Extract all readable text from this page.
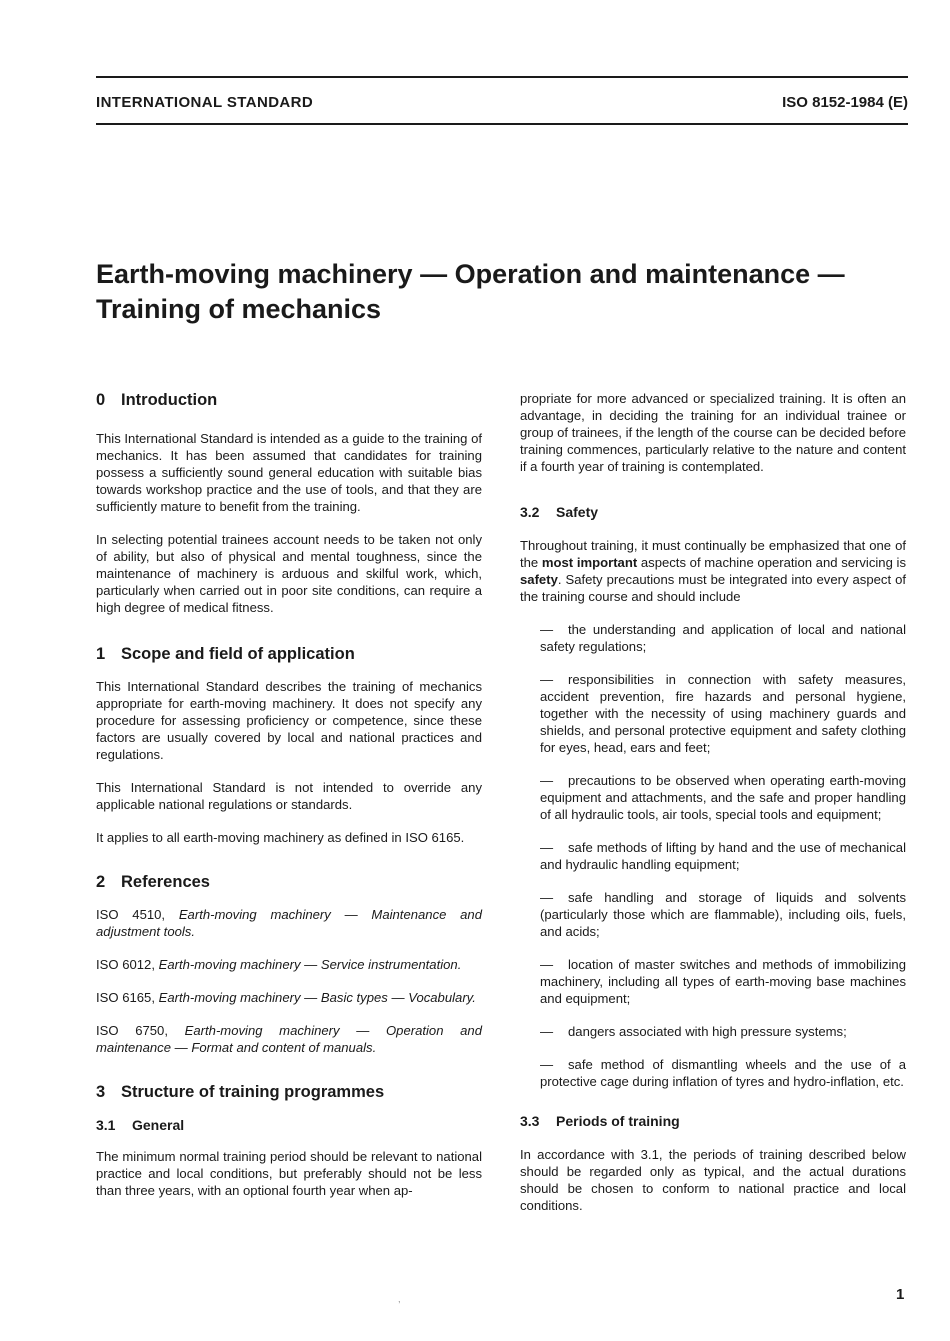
INTERNATIONAL STANDARD	ISO 8152-1984 (E)
Earth-moving machinery — Operation and maintenance —
Training of mechanics
0 Introduction

This International Standard is intended as a guide to the training of mechanics. It has been assumed that candidates for training possess a sufficiently sound general education with suitable bias towards workshop practice and the use of tools, and that they are sufficiently mature to benefit from the training.

In selecting potential trainees account needs to be taken not only of ability, but also of physical and mental toughness, since the maintenance of machinery is arduous and skilful work, which, particularly when carried out in poor site conditions, can require a high degree of medical fitness.

1 Scope and field of application

This International Standard describes the training of mechanics appropriate for earth-moving machinery. It does not specify any procedure for assessing proficiency or competence, since these factors are usually covered by local and national practices and regulations.

This International Standard is not intended to override any applicable national regulations or standards.

It applies to all earth-moving machinery as defined in ISO 6165.

2 References

ISO 4510, Earth-moving machinery — Maintenance and adjustment tools.

ISO 6012, Earth-moving machinery — Service instrumentation.

ISO 6165, Earth-moving machinery — Basic types — Vocabulary.

ISO 6750, Earth-moving machinery — Operation and maintenance — Format and content of manuals.

3 Structure of training programmes
3.1 General

The minimum normal training period should be relevant to national practice and local conditions, but preferably should not be less than three years, with an optional fourth year when ap-

propriate for more advanced or specialized training. It is often an advantage, in deciding the training for an individual trainee or group of trainees, if the length of the course can be decided before training commences, particularly relative to the nature and content if a fourth year of training is contemplated.

3.2 Safety

Throughout training, it must continually be emphasized that one of the most important aspects of machine operation and servicing is safety. Safety precautions must be integrated into every aspect of the training course and should include

— the understanding and application of local and national safety regulations;
— responsibilities in connection with safety measures, accident prevention, fire hazards and personal hygiene, together with the necessity of using machinery guards and shields, and personal protective equipment and safety clothing for eyes, head, ears and feet;
— precautions to be observed when operating earth-moving equipment and attachments, and the safe and proper handling of all hydraulic tools, air tools, special tools and equipment;
— safe methods of lifting by hand and the use of mechanical and hydraulic handling equipment;
— safe handling and storage of liquids and solvents (particularly those which are flammable), including oils, fuels, and acids;
— location of master switches and methods of immobilizing machinery, including all types of earth-moving base machines and equipment;
— dangers associated with high pressure systems;
— safe method of dismantling wheels and the use of a protective cage during inflation of tyres and hydro-inflation, etc.
3.3 Periods of training

In accordance with 3.1, the periods of training described below should be regarded only as typical, and the actual durations should be chosen to conform to national practice and local conditions.

,	1
